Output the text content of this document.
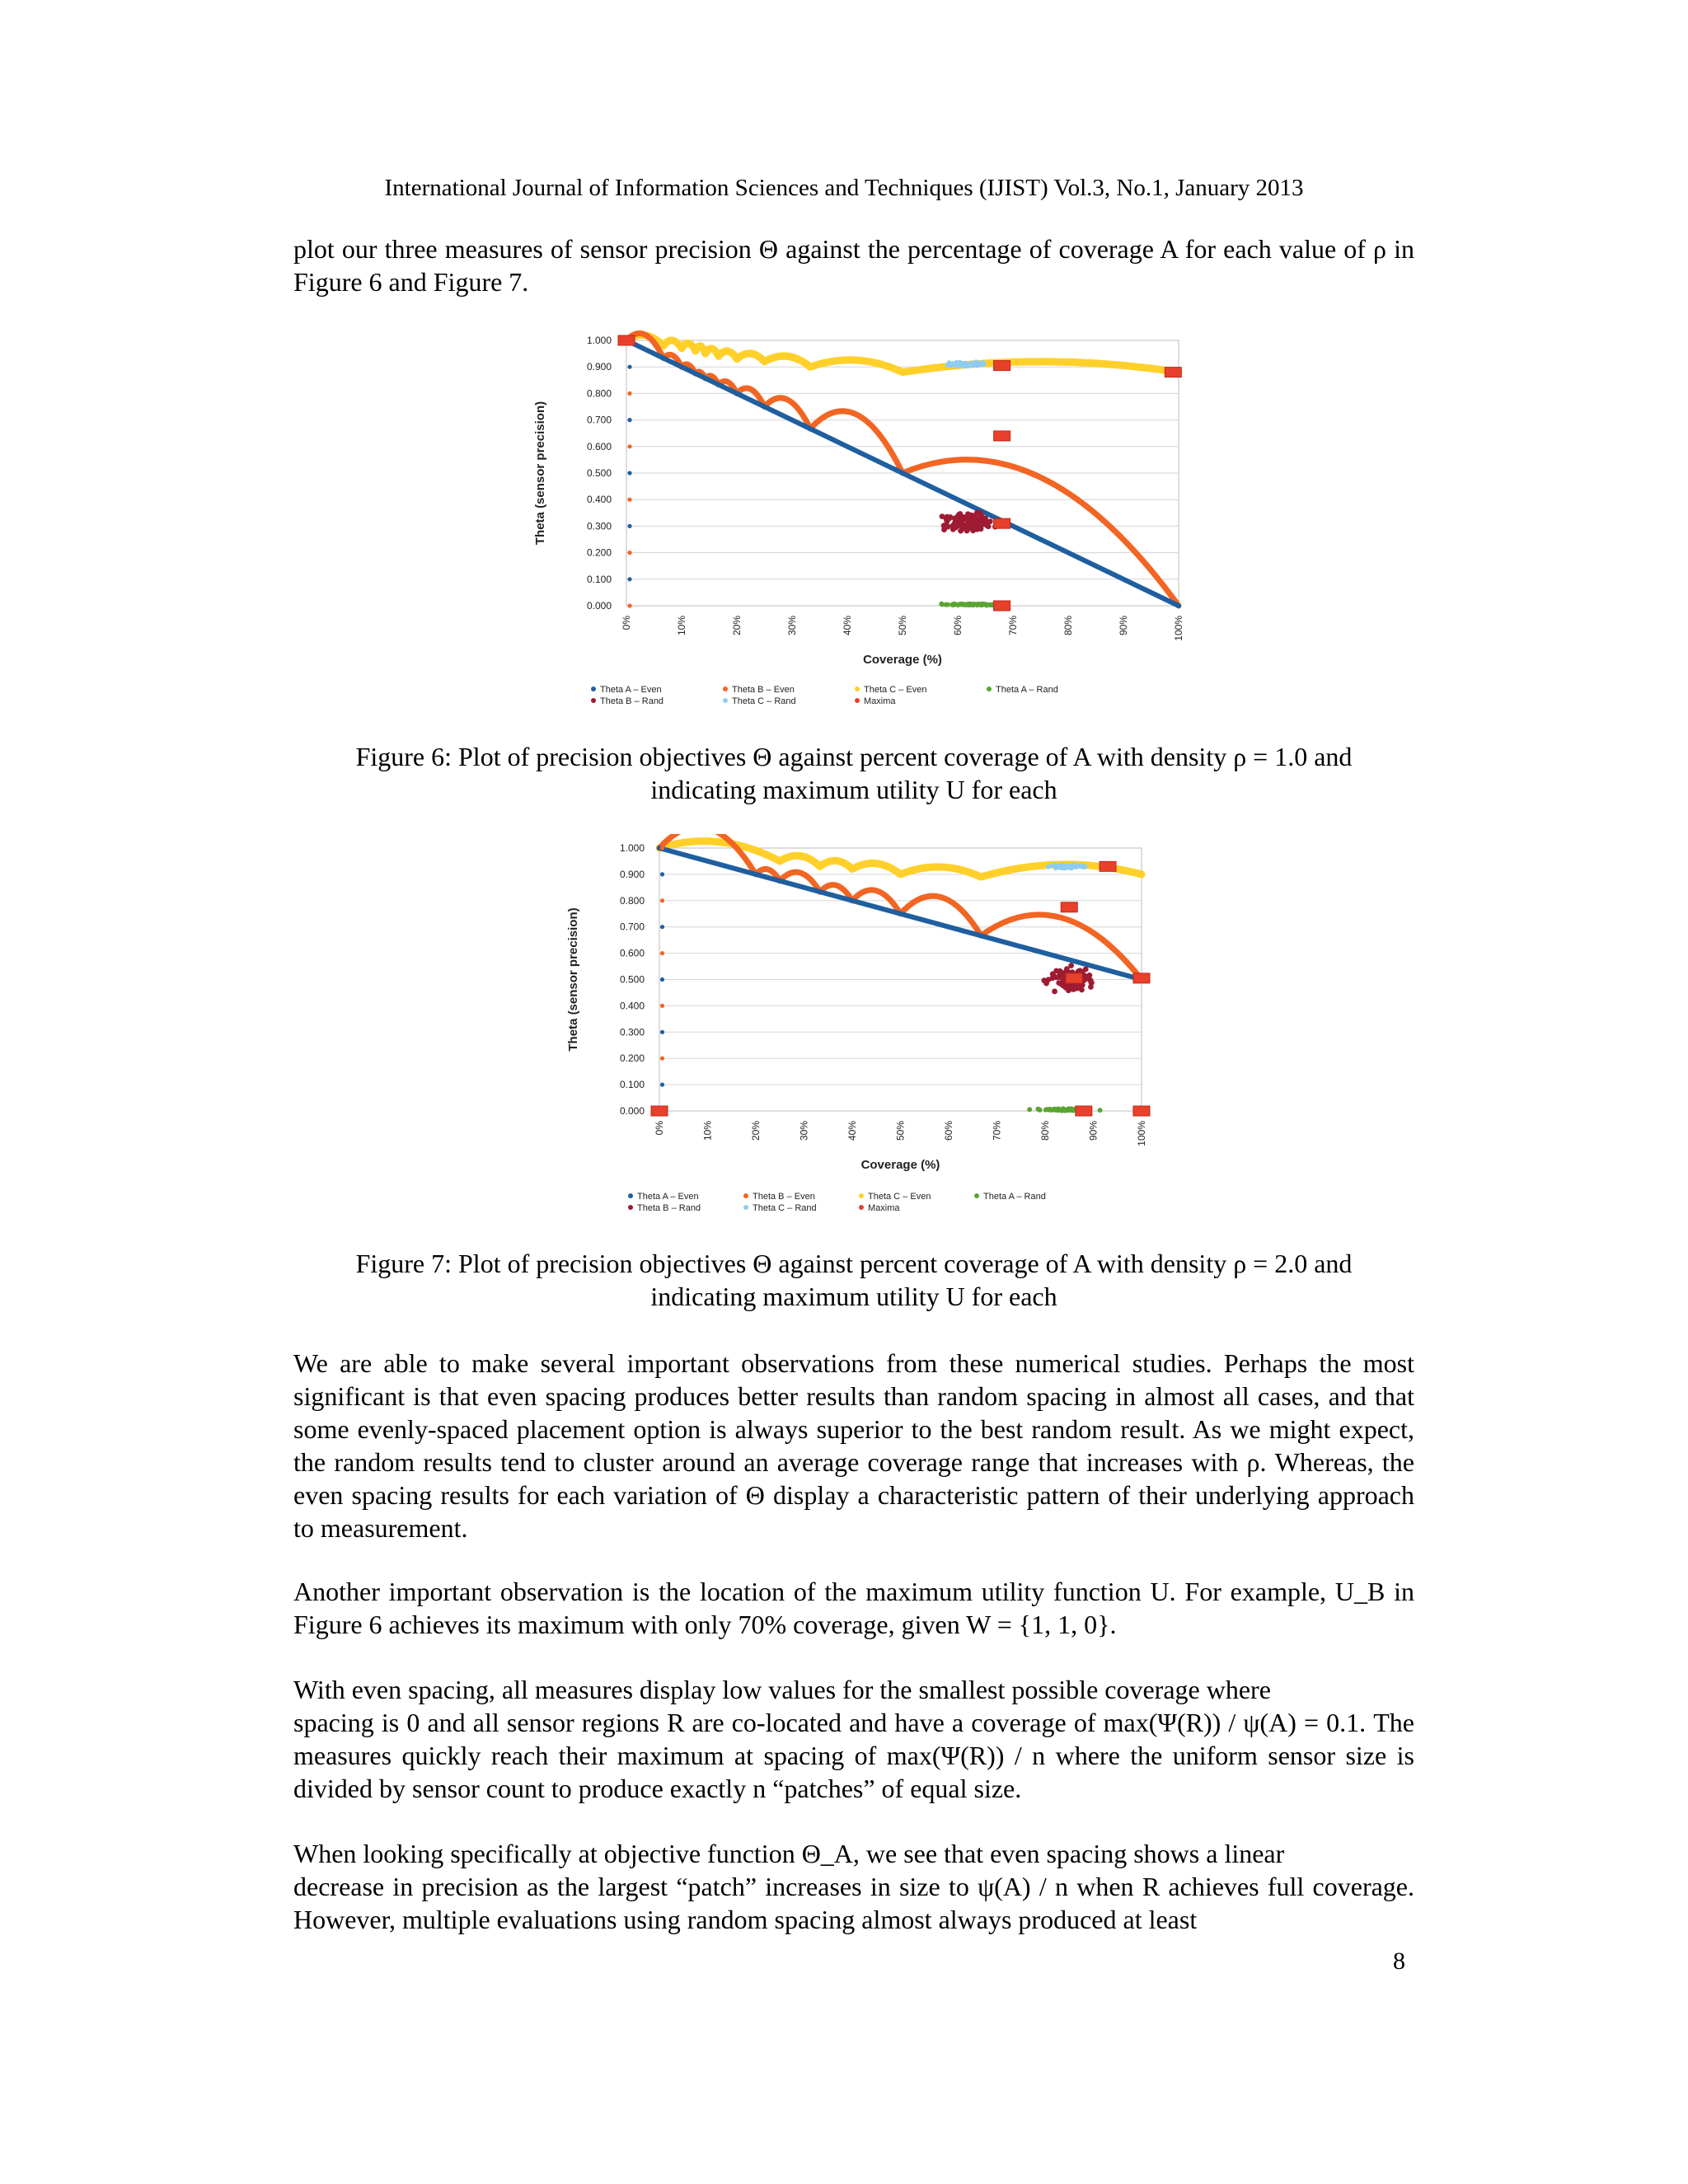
International Journal of Information Sciences and Techniques (IJIST) Vol.3, No.1, January 2013

plot our three measures of sensor precision Θ against the percentage of coverage A for each value of ρ in Figure 6 and Figure 7.

0.000
0.100
0.200
0.300
0.400
0.500
0.600
0.700
0.800
0.900
1.000
0%	10%	20%	30%	40%	50%	60%	70%	80%	90%	100%
Coverage (%)
Theta (sensor precision)
Theta A – Even	Theta B – Even	Theta C – Even	Theta A – Rand
Theta B – Rand	Theta C – Rand	Maxima

Figure 6: Plot of precision objectives Θ against percent coverage of A with density ρ = 1.0 and

indicating maximum utility U for each

0.000
0.100
0.200
0.300
0.400
0.500
0.600
0.700
0.800
0.900
1.000
0%	10%	20%	30%	40%	50%	60%	70%	80%	90%	100%
Coverage (%)
Theta (sensor precision)
Theta A – Even	Theta B – Even	Theta C – Even	Theta A – Rand
Theta B – Rand	Theta C – Rand	Maxima

Figure 7: Plot of precision objectives Θ against percent coverage of A with density ρ = 2.0 and

indicating maximum utility U for each

We are able to make several important observations from these numerical studies. Perhaps the most significant is that even spacing produces better results than random spacing in almost all cases, and that some evenly-spaced placement option is always superior to the best random result. As we might expect, the random results tend to cluster around an average coverage range that increases with ρ. Whereas, the even spacing results for each variation of Θ display a characteristic pattern of their underlying approach to measurement.

Another important observation is the location of the maximum utility function U. For example, U_B in Figure 6 achieves its maximum with only 70% coverage, given W = {1, 1, 0}.

With even spacing, all measures display low values for the smallest possible coverage where

spacing is 0 and all sensor regions R are co-located and have a coverage of max(Ψ(R)) / ψ(A) = 0.1. The measures quickly reach their maximum at spacing of max(Ψ(R)) / n where the uniform sensor size is divided by sensor count to produce exactly n “patches” of equal size.

When looking specifically at objective function Θ_A, we see that even spacing shows a linear

decrease in precision as the largest “patch” increases in size to ψ(A) / n when R achieves full coverage. However, multiple evaluations using random spacing almost always produced at least

8
